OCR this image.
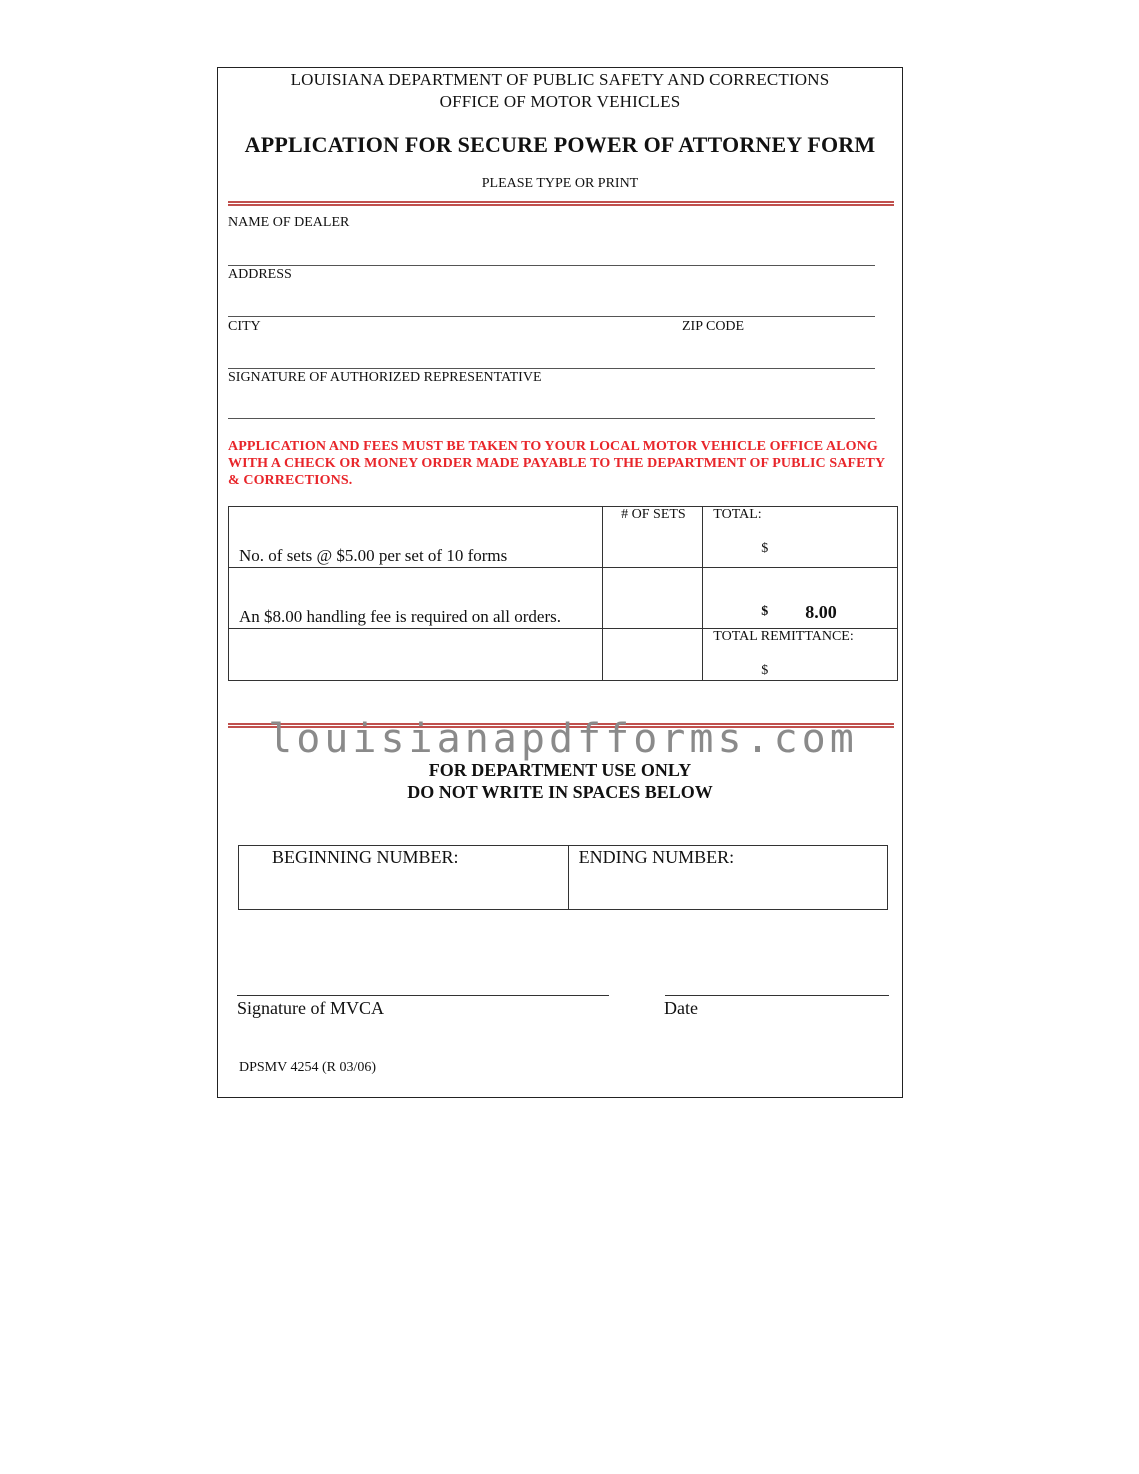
LOUISIANA DEPARTMENT OF PUBLIC SAFETY AND CORRECTIONS
OFFICE OF MOTOR VEHICLES
APPLICATION FOR SECURE POWER OF ATTORNEY FORM
PLEASE TYPE OR PRINT
NAME OF DEALER
ADDRESS
CITY	ZIP CODE
SIGNATURE OF AUTHORIZED REPRESENTATIVE
APPLICATION AND FEES MUST BE TAKEN TO YOUR LOCAL MOTOR VEHICLE OFFICE ALONG WITH A CHECK OR MONEY ORDER MADE PAYABLE TO THE DEPARTMENT OF PUBLIC SAFETY & CORRECTIONS.
No. of sets @ $5.00 per set of 10 forms	# OF SETS	TOTAL:
$

An $8.00 handling fee is required on all orders.		$ 8.00

		TOTAL REMITTANCE:
$
louisianapdfforms.com
FOR DEPARTMENT USE ONLY
DO NOT WRITE IN SPACES BELOW
BEGINNING NUMBER:	ENDING NUMBER:
Signature of MVCA	Date
DPSMV 4254 (R 03/06)
